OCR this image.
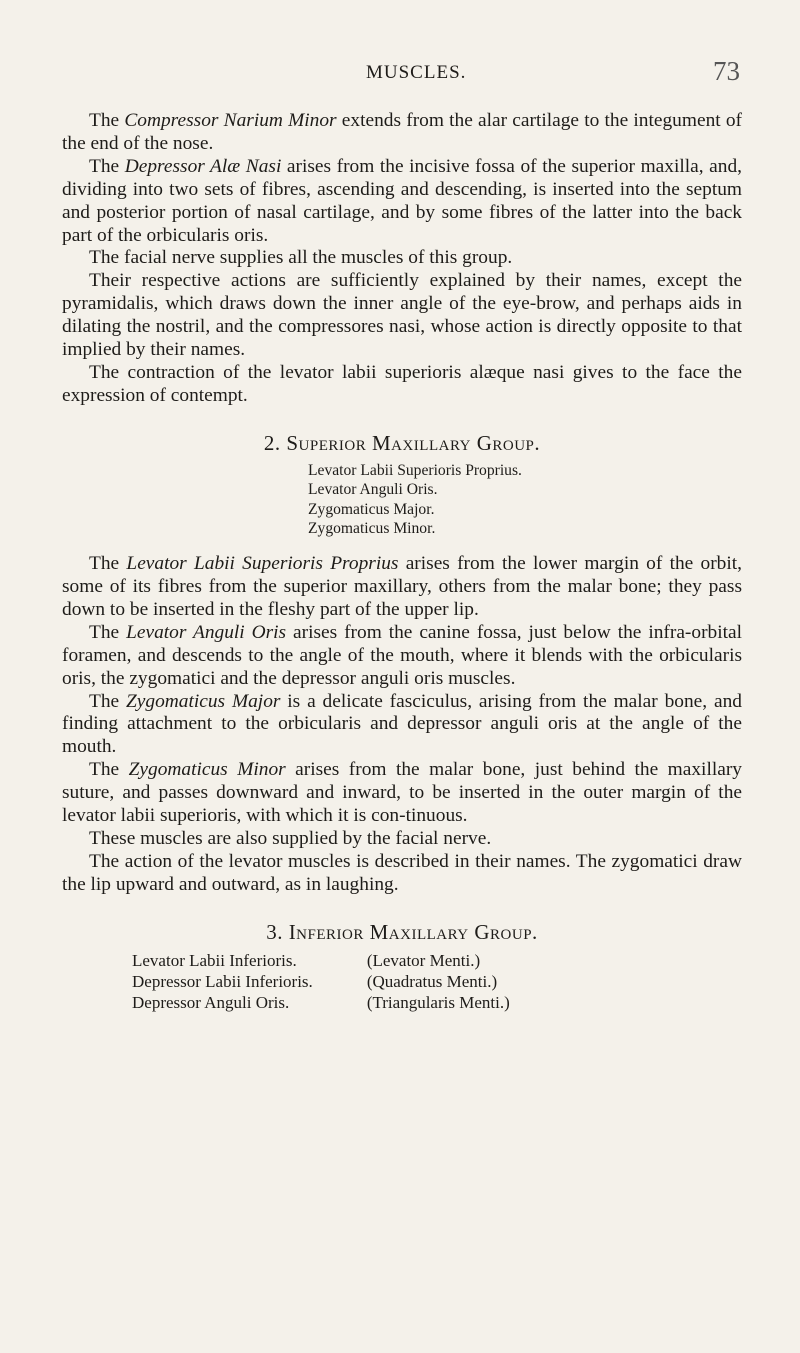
MUSCLES.	73

The Compressor Narium Minor extends from the alar cartilage to the integument of the end of the nose.

The Depressor Alæ Nasi arises from the incisive fossa of the superior maxilla, and, dividing into two sets of fibres, ascending and descending, is inserted into the septum and posterior portion of nasal cartilage, and by some fibres of the latter into the back part of the orbicularis oris.

The facial nerve supplies all the muscles of this group.

Their respective actions are sufficiently explained by their names, except the pyramidalis, which draws down the inner angle of the eye-brow, and perhaps aids in dilating the nostril, and the compressores nasi, whose action is directly opposite to that implied by their names.

The contraction of the levator labii superioris alæque nasi gives to the face the expression of contempt.

2. Superior Maxillary Group.
Levator Labii Superioris Proprius.
Levator Anguli Oris.
Zygomaticus Major.
Zygomaticus Minor.

The Levator Labii Superioris Proprius arises from the lower margin of the orbit, some of its fibres from the superior maxillary, others from the malar bone; they pass down to be inserted in the fleshy part of the upper lip.

The Levator Anguli Oris arises from the canine fossa, just below the infra-orbital foramen, and descends to the angle of the mouth, where it blends with the orbicularis oris, the zygomatici and the depressor anguli oris muscles.

The Zygomaticus Major is a delicate fasciculus, arising from the malar bone, and finding attachment to the orbicularis and depressor anguli oris at the angle of the mouth.

The Zygomaticus Minor arises from the malar bone, just behind the maxillary suture, and passes downward and inward, to be inserted in the outer margin of the levator labii superioris, with which it is con-tinuous.

These muscles are also supplied by the facial nerve.

The action of the levator muscles is described in their names. The zygomatici draw the lip upward and outward, as in laughing.

3. Inferior Maxillary Group.
Levator Labii Inferioris.	(Levator Menti.)
Depressor Labii Inferioris.	(Quadratus Menti.)
Depressor Anguli Oris.	(Triangularis Menti.)
